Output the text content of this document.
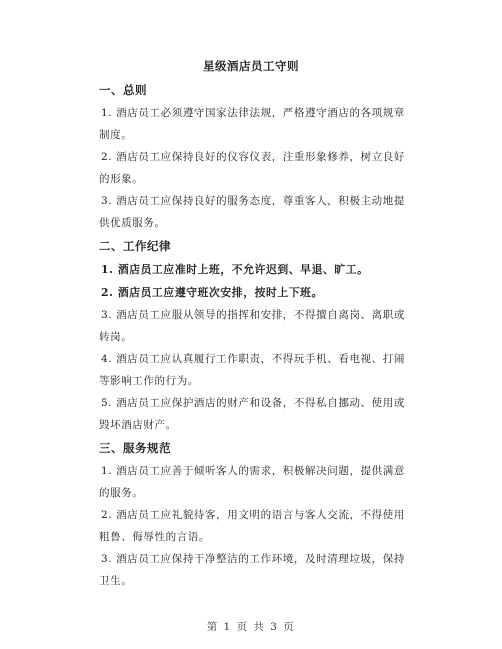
星级酒店员工守则
一、总则

1. 酒店员工必须遵守国家法律法规，严格遵守酒店的各项规章制度。

2. 酒店员工应保持良好的仪容仪表，注重形象修养，树立良好的形象。

3. 酒店员工应保持良好的服务态度，尊重客人，积极主动地提供优质服务。

二、工作纪律

1. 酒店员工应准时上班，不允许迟到、早退、旷工。

2. 酒店员工应遵守班次安排，按时上下班。

3. 酒店员工应服从领导的指挥和安排，不得擅自离岗、离职或转岗。

4. 酒店员工应认真履行工作职责，不得玩手机、看电视、打闹等影响工作的行为。

5. 酒店员工应保护酒店的财产和设备，不得私自挪动、使用或毁坏酒店财产。

三、服务规范

1. 酒店员工应善于倾听客人的需求，积极解决问题，提供满意的服务。

2. 酒店员工应礼貌待客，用文明的语言与客人交流，不得使用粗鲁、侮辱性的言语。

3. 酒店员工应保持干净整洁的工作环境，及时清理垃圾，保持卫生。

第 1 页 共 3 页
